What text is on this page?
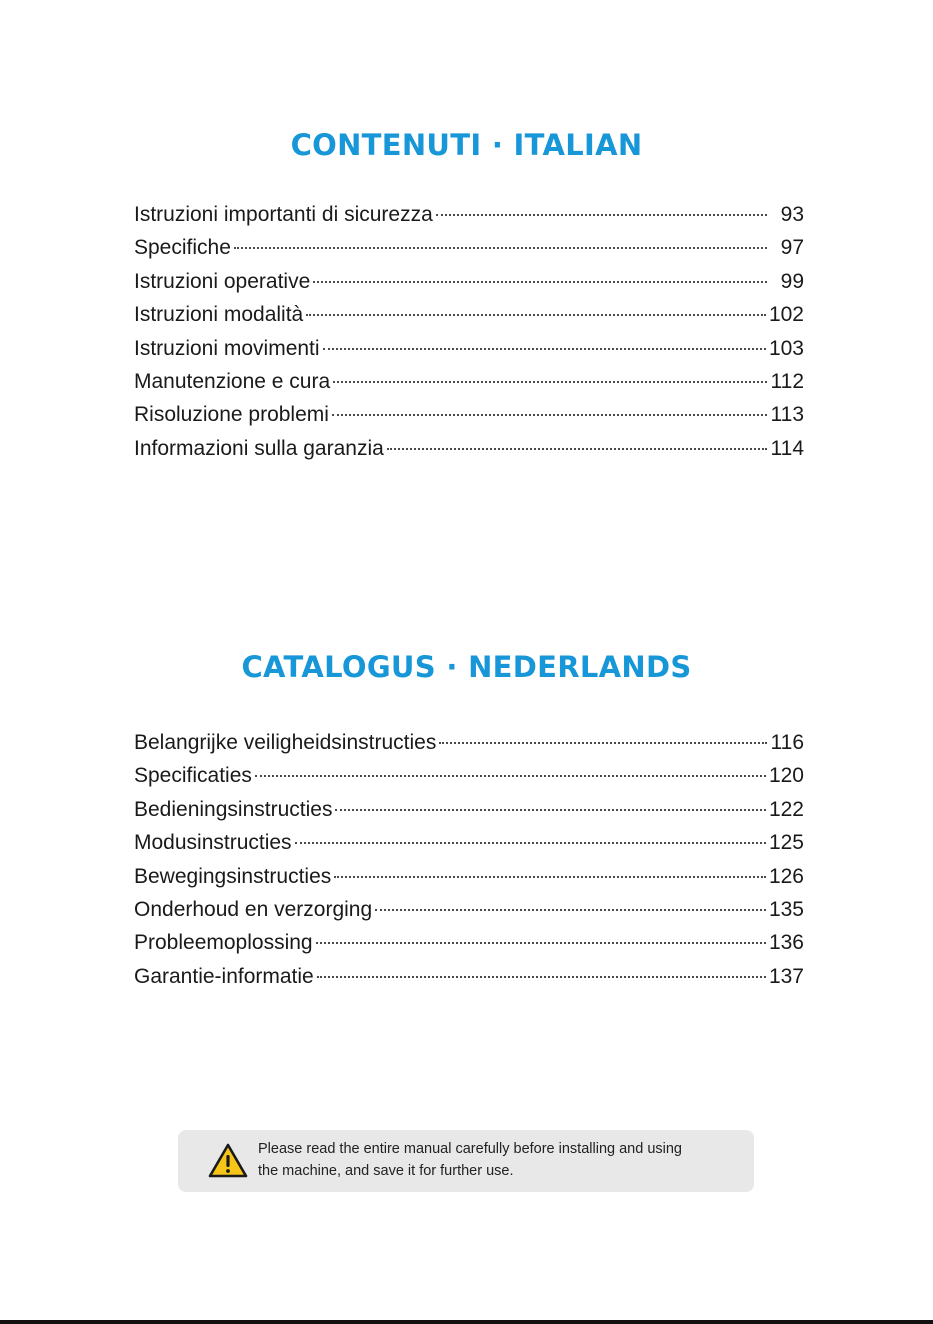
CONTENUTI · ITALIAN
Istruzioni importanti di sicurezza	93
Specifiche	97
Istruzioni operative	99
Istruzioni modalità	102
Istruzioni movimenti	103
Manutenzione e cura	112
Risoluzione problemi	113
Informazioni sulla garanzia	114
CATALOGUS · NEDERLANDS
Belangrijke veiligheidsinstructies	116
Specificaties	120
Bedieningsinstructies	122
Modusinstructies	125
Bewegingsinstructies	126
Onderhoud en verzorging	135
Probleemoplossing	136
Garantie-informatie	137
Please read the entire manual carefully before installing and using
the machine, and save it for further use.
